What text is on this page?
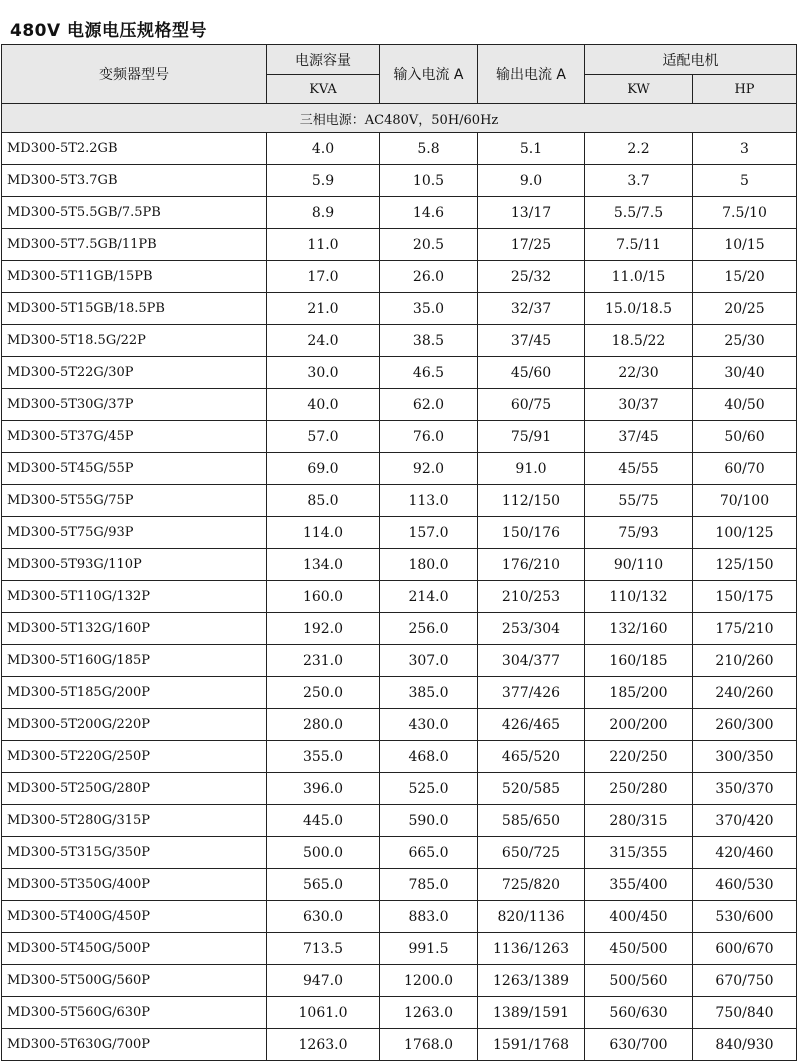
480V 电源电压规格型号
变频器型号	电源容量	输入电流 A	输出电流 A	适配电机	
	KVA			KW	HP
三相电源：AC480V，50H/60Hz					
MD300-5T2.2GB	4.0	5.8	5.1	2.2	3
MD300-5T3.7GB	5.9	10.5	9.0	3.7	5
MD300-5T5.5GB/7.5PB	8.9	14.6	13/17	5.5/7.5	7.5/10
MD300-5T7.5GB/11PB	11.0	20.5	17/25	7.5/11	10/15
MD300-5T11GB/15PB	17.0	26.0	25/32	11.0/15	15/20
MD300-5T15GB/18.5PB	21.0	35.0	32/37	15.0/18.5	20/25
MD300-5T18.5G/22P	24.0	38.5	37/45	18.5/22	25/30
MD300-5T22G/30P	30.0	46.5	45/60	22/30	30/40
MD300-5T30G/37P	40.0	62.0	60/75	30/37	40/50
MD300-5T37G/45P	57.0	76.0	75/91	37/45	50/60
MD300-5T45G/55P	69.0	92.0	91.0	45/55	60/70
MD300-5T55G/75P	85.0	113.0	112/150	55/75	70/100
MD300-5T75G/93P	114.0	157.0	150/176	75/93	100/125
MD300-5T93G/110P	134.0	180.0	176/210	90/110	125/150
MD300-5T110G/132P	160.0	214.0	210/253	110/132	150/175
MD300-5T132G/160P	192.0	256.0	253/304	132/160	175/210
MD300-5T160G/185P	231.0	307.0	304/377	160/185	210/260
MD300-5T185G/200P	250.0	385.0	377/426	185/200	240/260
MD300-5T200G/220P	280.0	430.0	426/465	200/200	260/300
MD300-5T220G/250P	355.0	468.0	465/520	220/250	300/350
MD300-5T250G/280P	396.0	525.0	520/585	250/280	350/370
MD300-5T280G/315P	445.0	590.0	585/650	280/315	370/420
MD300-5T315G/350P	500.0	665.0	650/725	315/355	420/460
MD300-5T350G/400P	565.0	785.0	725/820	355/400	460/530
MD300-5T400G/450P	630.0	883.0	820/1136	400/450	530/600
MD300-5T450G/500P	713.5	991.5	1136/1263	450/500	600/670
MD300-5T500G/560P	947.0	1200.0	1263/1389	500/560	670/750
MD300-5T560G/630P	1061.0	1263.0	1389/1591	560/630	750/840
MD300-5T630G/700P	1263.0	1768.0	1591/1768	630/700	840/930
